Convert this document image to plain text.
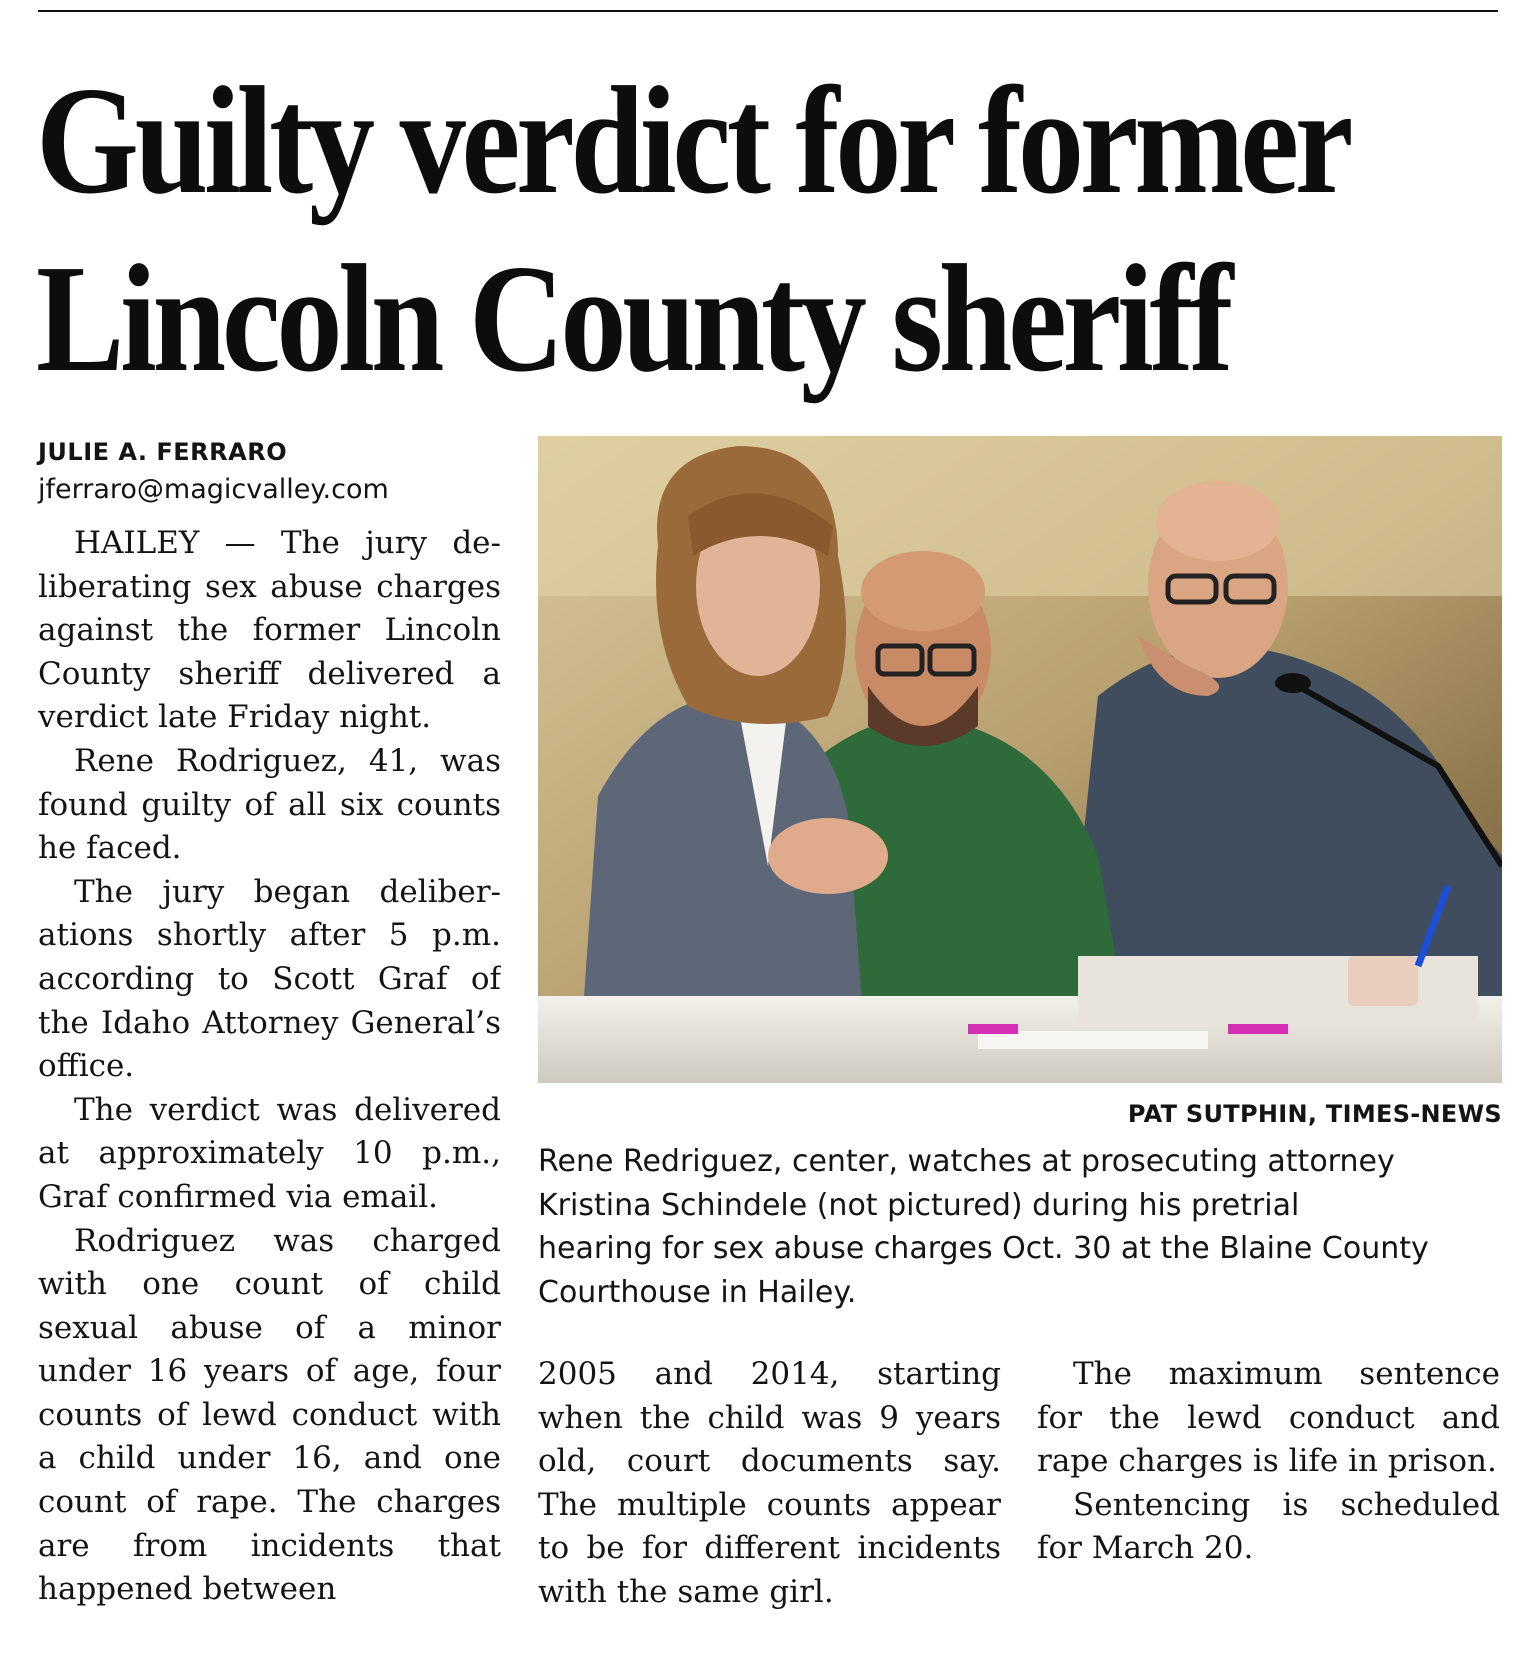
Guilty verdict for former
Lincoln County sheriff
JULIE A. FERRARO
jferraro@magicvalley.com

HAILEY — The jury deliberating sex abuse charges against the former Lincoln County sheriff delivered a verdict late Friday night.

Rene Rodriguez, 41, was found guilty of all six counts he faced.

The jury began deliberations shortly after 5 p.m. according to Scott Graf of the Idaho Attorney General’s office.

The verdict was delivered at approximately 10 p.m., Graf confirmed via email.

Rodriguez was charged with one count of child sexual abuse of a minor under 16 years of age, four counts of lewd conduct with a child under 16, and one count of rape. The charges are from incidents that happened between

PAT SUTPHIN, TIMES-NEWS

Rene Redriguez, center, watches at prosecuting attorney
Kristina Schindele (not pictured) during his pretrial
hearing for sex abuse charges Oct. 30 at the Blaine County
Courthouse in Hailey.

2005 and 2014, starting when the child was 9 years old, court documents say. The multiple counts appear to be for different incidents with the same girl.

The maximum sentence for the lewd conduct and rape charges is life in prison.

Sentencing is scheduled for March 20.
